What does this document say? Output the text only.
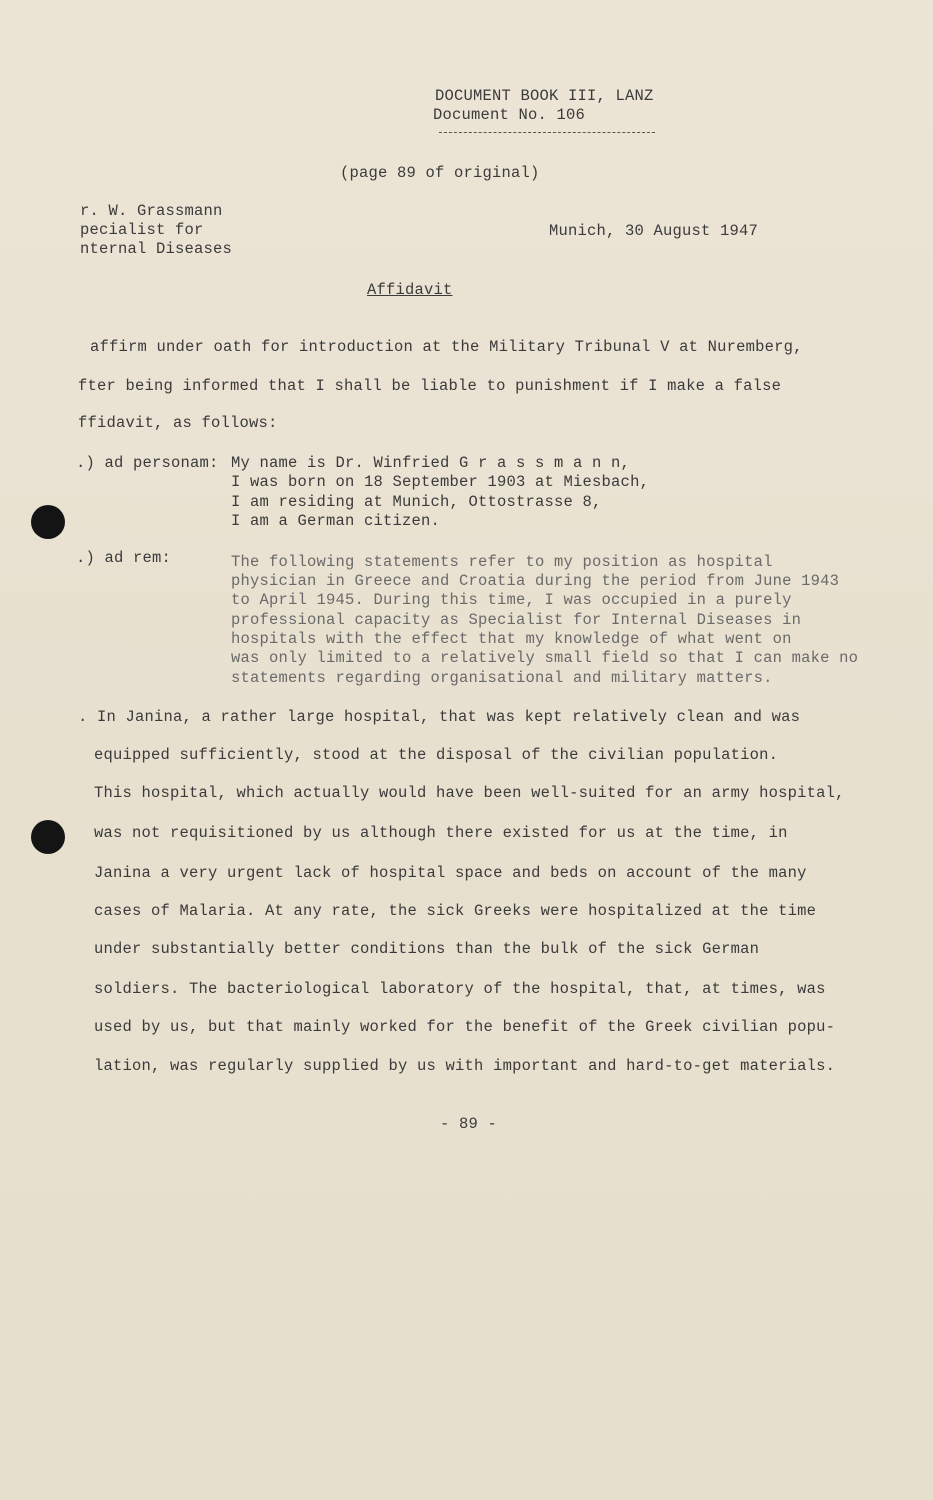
DOCUMENT BOOK III, LANZ
Document No. 106
(page 89 of original)
r. W. Grassmann
pecialist for
nternal Diseases
Munich, 30 August 1947
Affidavit
affirm under oath for introduction at the Military Tribunal V at Nuremberg,
fter being informed that I shall be liable to punishment if I make a false
ffidavit, as follows:
.) ad personam: My name is Dr. Winfried G r a s s m a n n,
I was born on 18 September 1903 at Miesbach,
I am residing at Munich, Ottostrasse 8,
I am a German citizen.
.) ad rem:	The following statements refer to my position as hospital
physician in Greece and Croatia during the period from June 1943
to April 1945. During this time, I was occupied in a purely
professional capacity as Specialist for Internal Diseases in
hospitals with the effect that my knowledge of what went on
was only limited to a relatively small field so that I can make no
statements regarding organisational and military matters.
. In Janina, a rather large hospital, that was kept relatively clean and was
equipped sufficiently, stood at the disposal of the civilian population.
This hospital, which actually would have been well-suited for an army hospital,
was not requisitioned by us although there existed for us at the time, in
Janina a very urgent lack of hospital space and beds on account of the many
cases of Malaria. At any rate, the sick Greeks were hospitalized at the time
under substantially better conditions than the bulk of the sick German
soldiers. The bacteriological laboratory of the hospital, that, at times, was
used by us, but that mainly worked for the benefit of the Greek civilian popu-
lation, was regularly supplied by us with important and hard-to-get materials.
- 89 -
